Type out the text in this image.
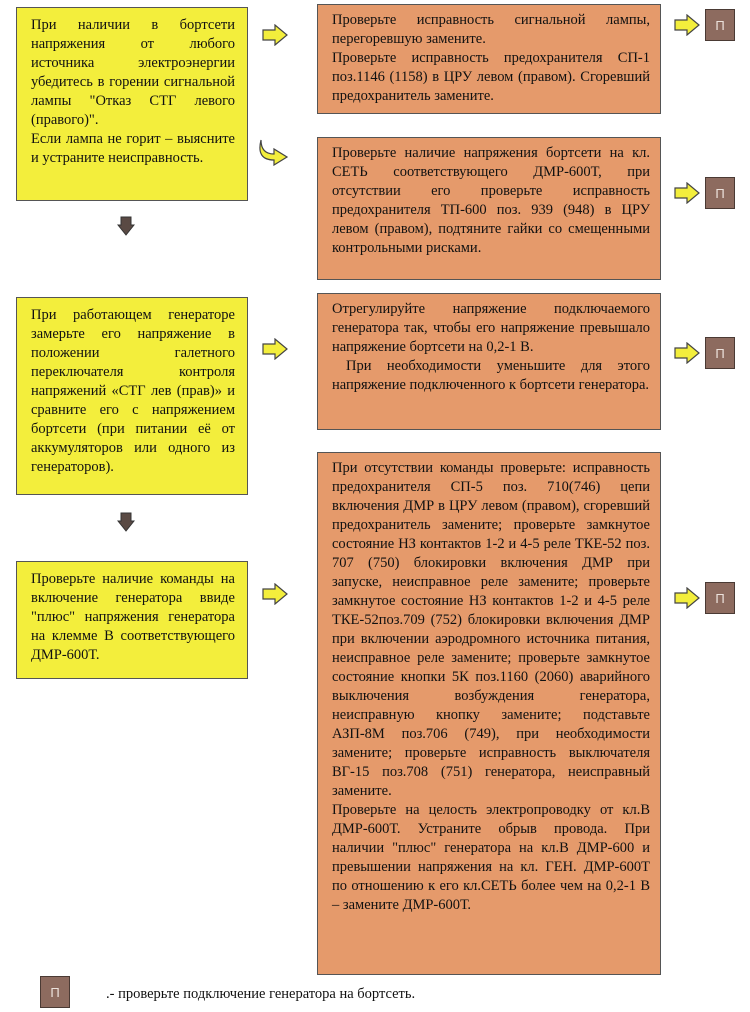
При наличии в бортсети напряжения от любого источника электроэнергии убедитесь в горении сигнальной лампы "Отказ СТГ левого (правого)".
Если лампа не горит – выясните и устраните неисправность.
При работающем генераторе замерьте его напряжение в положении галетного переключателя контроля напряжений «СТГ лев (прав)» и сравните его с напряжением бортсети (при питании её от аккумуляторов или одного из генераторов).
Проверьте наличие команды на включение генератора ввиде "плюс" напряжения генератора на клемме В соответствующего ДМР-600Т.
Проверьте исправность сигнальной лампы, перегоревшую замените.
Проверьте исправность предохранителя СП-1 поз.1146 (1158) в ЦРУ левом (правом). Сгоревший предохранитель замените.
Проверьте наличие напряжения бортсети на кл. СЕТЬ соответствующего ДМР-600Т, при отсутствии его проверьте исправность предохранителя ТП-600 поз. 939 (948) в ЦРУ левом (правом), подтяните гайки со смещенными контрольными рисками.
Отрегулируйте напряжение подключаемого генератора так, чтобы его напряжение превышало напряжение бортсети на 0,2-1 В.
При необходимости уменьшите для этого напряжение подключенного к бортсети генератора.
При отсутствии команды проверьте: исправность предохранителя СП-5 поз. 710(746) цепи включения ДМР в ЦРУ левом (правом), сгоревший предохранитель замените; проверьте замкнутое состояние НЗ контактов 1-2 и 4-5 реле ТКЕ-52 поз. 707 (750) блокировки включения ДМР при запуске, неисправное реле замените; проверьте замкнутое состояние НЗ контактов 1-2 и 4-5 реле ТКЕ-52поз.709 (752) блокировки включения ДМР при включении аэродромного источника питания, неисправное реле замените; проверьте замкнутое состояние кнопки 5К поз.1160 (2060) аварийного выключения возбуждения генератора, неисправную кнопку замените; подставьте АЗП-8М поз.706 (749), при необходимости замените; проверьте исправность выключателя ВГ-15 поз.708 (751) генератора, неисправный замените.
Проверьте на целость электропроводку от кл.В ДМР-600Т. Устраните обрыв провода. При наличии "плюс" генератора на кл.В ДМР-600 и превышении напряжения на кл. ГЕН. ДМР-600Т по отношению к его кл.СЕТЬ более чем на 0,2-1 В – замените ДМР-600Т.
П
П
П
П
П	.- проверьте подключение генератора на бортсеть.
